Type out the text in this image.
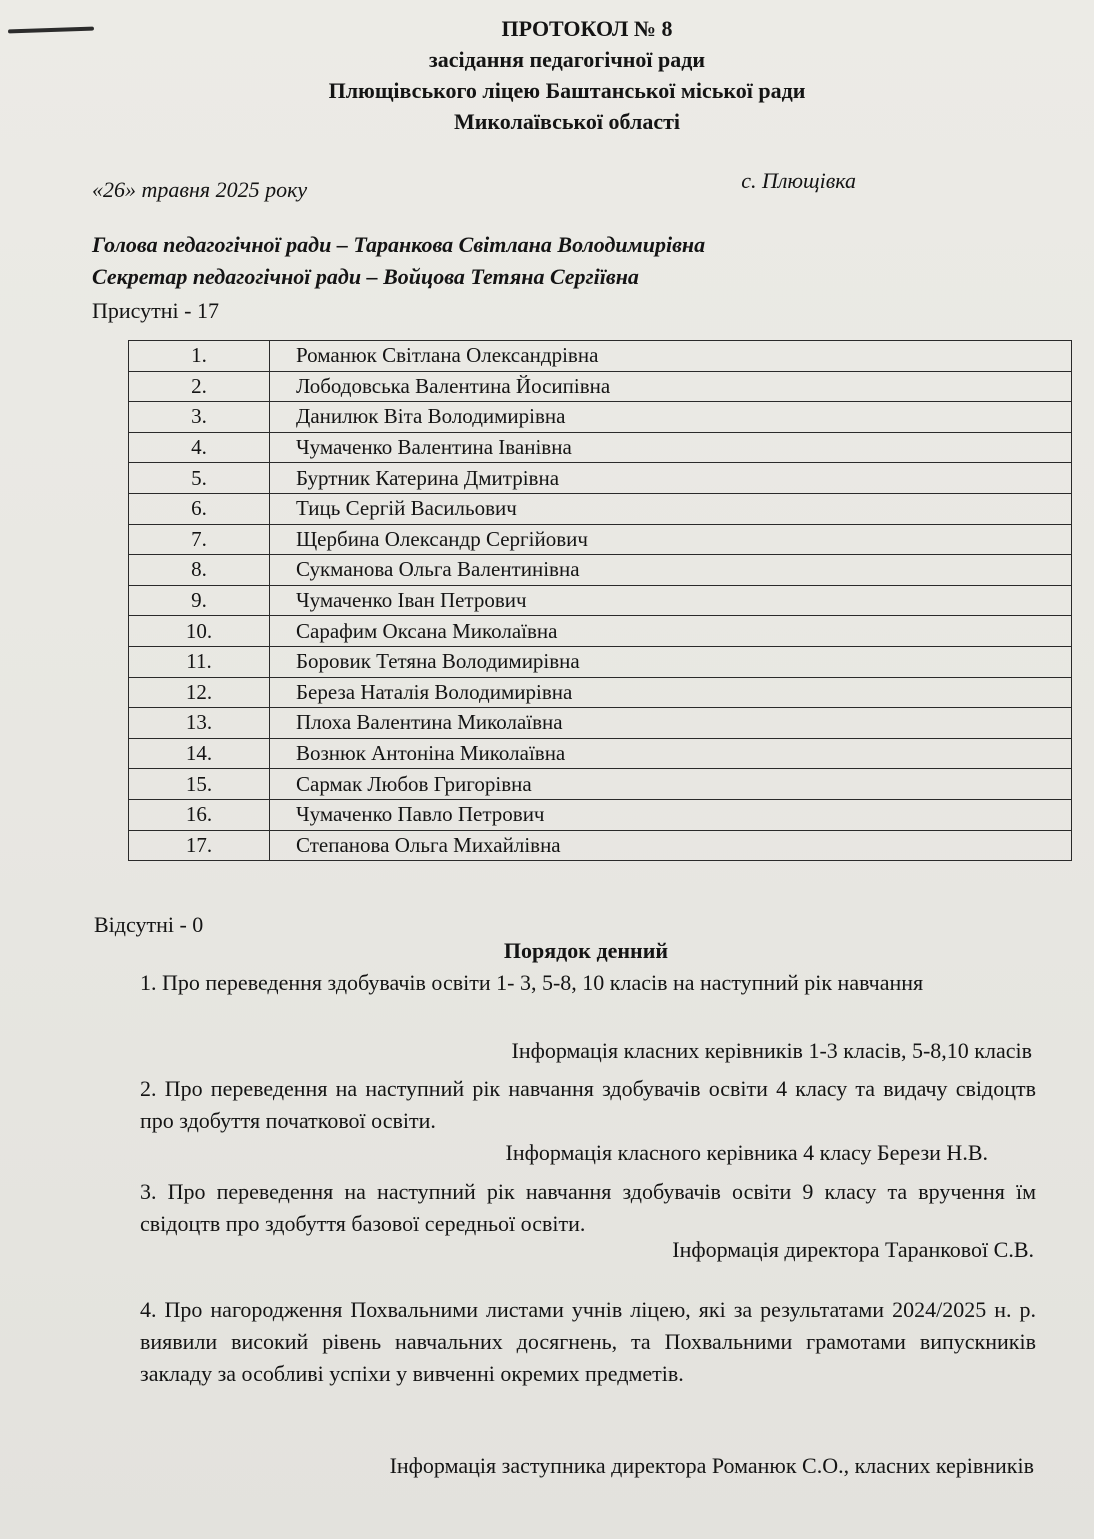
ПРОТОКОЛ № 8
засідання педагогічної ради
Плющівського ліцею Баштанської міської ради
Миколаївської області
«26» травня 2025 року	с. Плющівка
Голова педагогічної ради – Таранкова Світлана Володимирівна
Секретар педагогічної ради – Войцова Тетяна Сергіївна
Присутні - 17
1.	Романюк Світлана Олександрівна
2.	Лободовська Валентина Йосипівна
3.	Данилюк Віта Володимирівна
4.	Чумаченко Валентина Іванівна
5.	Буртник Катерина Дмитрівна
6.	Тиць Сергій Васильович
7.	Щербина Олександр Сергійович
8.	Сукманова Ольга Валентинівна
9.	Чумаченко Іван Петрович
10.	Сарафим Оксана Миколаївна
11.	Боровик Тетяна Володимирівна
12.	Береза Наталія Володимирівна
13.	Плоха Валентина Миколаївна
14.	Вознюк Антоніна Миколаївна
15.	Сармак Любов Григорівна
16.	Чумаченко Павло Петрович
17.	Степанова Ольга Михайлівна
Відсутні - 0
Порядок денний
1. Про переведення здобувачів освіти 1- 3, 5-8, 10 класів на наступний рік навчання
Інформація класних керівників 1-3 класів, 5-8,10 класів
2. Про переведення на наступний рік навчання здобувачів освіти 4 класу та видачу свідоцтв про здобуття початкової освіти.
Інформація класного керівника 4 класу Берези Н.В.
3. Про переведення на наступний рік навчання здобувачів освіти 9 класу та вручення їм свідоцтв про здобуття базової середньої освіти.
Інформація директора Таранкової С.В.
4. Про нагородження Похвальними листами учнів ліцею, які за результатами 2024/2025 н. р. виявили високий рівень навчальних досягнень, та Похвальними грамотами випускників закладу за особливі успіхи у вивченні окремих предметів.
Інформація заступника директора Романюк С.О., класних керівників
